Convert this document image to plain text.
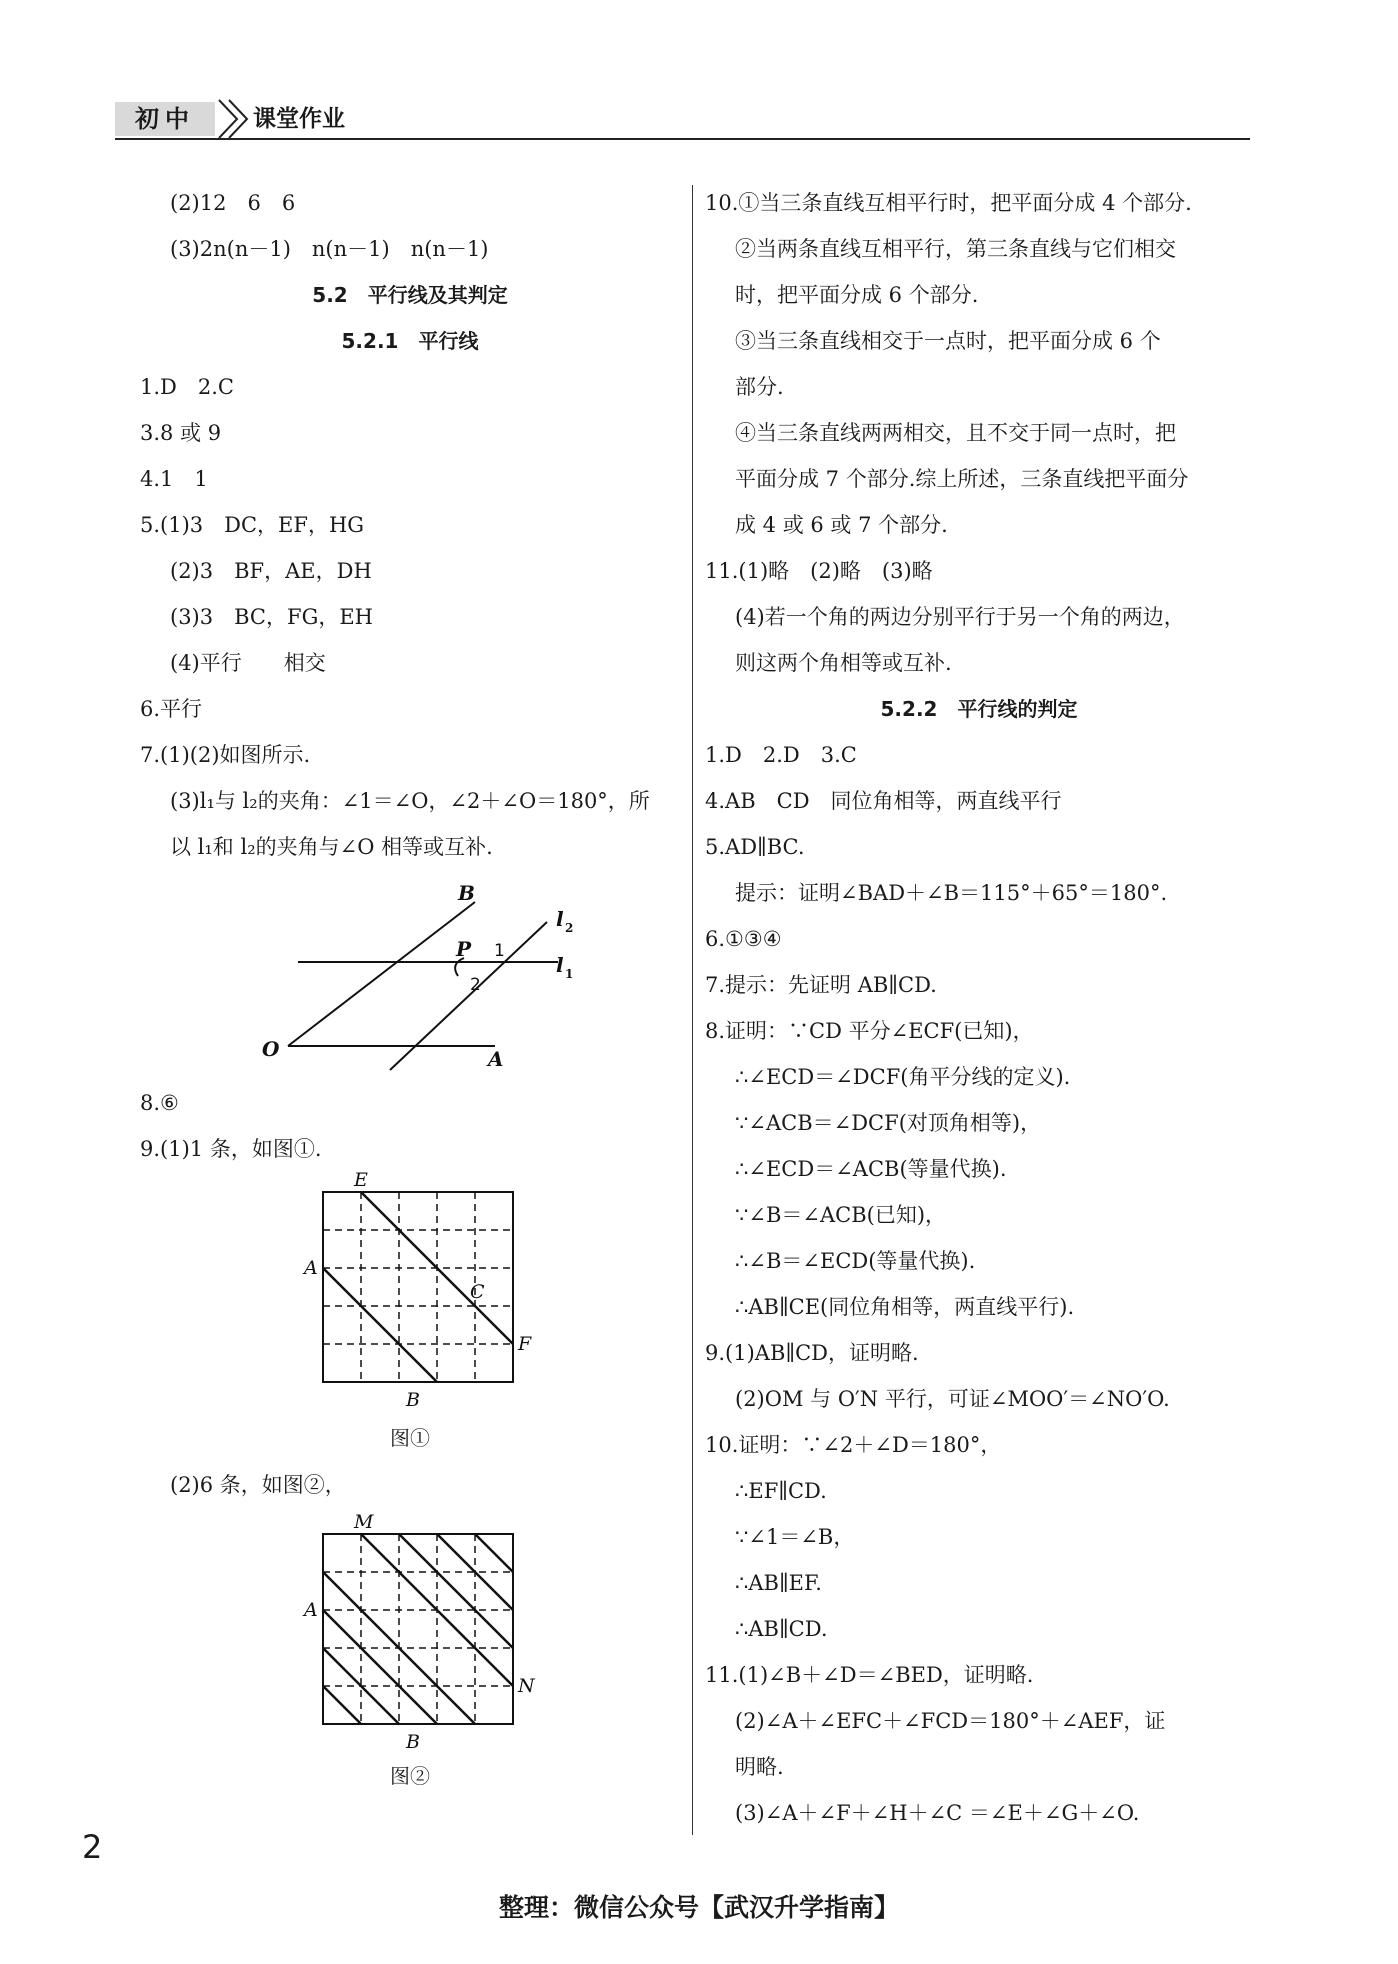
初中	课堂作业
(2)12　6　6
(3)2n(n－1)　n(n－1)　n(n－1)
5.2　平行线及其判定
5.2.1　平行线
1.D　2.C
3.8 或 9
4.1　1
5.(1)3　DC，EF，HG
(2)3　BF，AE，DH
(3)3　BC，FG，EH
(4)平行　　相交
6.平行
7.(1)(2)如图所示.
(3)l₁与 l₂的夹角：∠1＝∠O，∠2＋∠O＝180°，所
以 l₁和 l₂的夹角与∠O 相等或互补.
B
l 2
P
l 1
O	A
1
2
8.⑥
9.(1)1 条，如图①.
E
A
C
F
B
图①
(2)6 条，如图②，
M
A
N
B
图②
10.①当三条直线互相平行时，把平面分成 4 个部分.
②当两条直线互相平行，第三条直线与它们相交
时，把平面分成 6 个部分.
③当三条直线相交于一点时，把平面分成 6 个
部分.
④当三条直线两两相交，且不交于同一点时，把
平面分成 7 个部分.综上所述，三条直线把平面分
成 4 或 6 或 7 个部分.
11.(1)略　(2)略　(3)略
(4)若一个角的两边分别平行于另一个角的两边，
则这两个角相等或互补.
5.2.2　平行线的判定
1.D　2.D　3.C
4.AB　CD　同位角相等，两直线平行
5.AD∥BC.
提示：证明∠BAD＋∠B＝115°＋65°＝180°.
6.①③④
7.提示：先证明 AB∥CD.
8.证明：∵CD 平分∠ECF(已知)，
∴∠ECD＝∠DCF(角平分线的定义).
∵∠ACB＝∠DCF(对顶角相等)，
∴∠ECD＝∠ACB(等量代换).
∵∠B＝∠ACB(已知)，
∴∠B＝∠ECD(等量代换).
∴AB∥CE(同位角相等，两直线平行).
9.(1)AB∥CD，证明略.
(2)OM 与 O′N 平行，可证∠MOO′＝∠NO′O.
10.证明：∵∠2＋∠D＝180°，
∴EF∥CD.
∵∠1＝∠B，
∴AB∥EF.
∴AB∥CD.
11.(1)∠B＋∠D＝∠BED，证明略.
(2)∠A＋∠EFC＋∠FCD＝180°＋∠AEF，证
明略.
(3)∠A＋∠F＋∠H＋∠C ＝∠E＋∠G＋∠O.
2
整理：微信公众号【武汉升学指南】
